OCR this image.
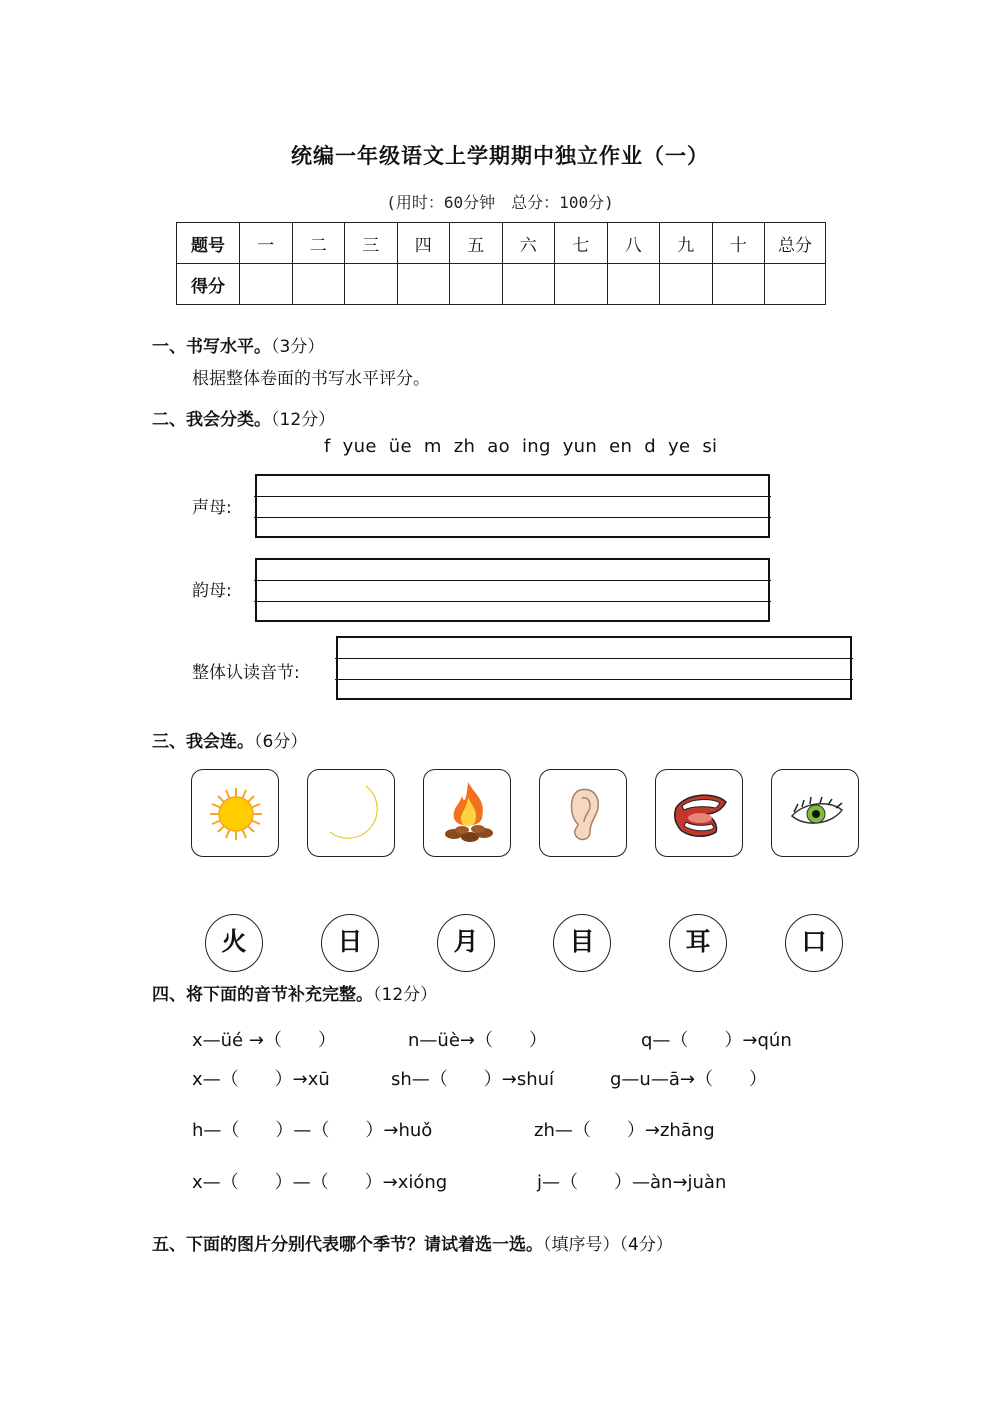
统编一年级语文上学期期中独立作业（一）
(用时：60分钟　总分：100分)
题号	一	二	三	四	五	六	七	八	九	十	总分
得分											
一、书写水平。（3分）
根据整体卷面的书写水平评分。
二、我会分类。（12分）
f yue üe m zh ao ing yun en d ye si
声母:
韵母:
整体认读音节:
三、我会连。（6分）
火	日	月	目	耳	口
四、将下面的音节补充完整。（12分）
x—üé →（　　）	n—üè→（　　）	q—（　　）→qún
x—（　　）→xū	sh—（　　）→shuí	g—u—ā→（　　）
h—（　　）—（　　）→huǒ	zh—（　　）→zhāng
x—（　　）—（　　）→xióng	j—（　　）—àn→juàn
五、下面的图片分别代表哪个季节？请试着选一选。（填序号）（4分）
